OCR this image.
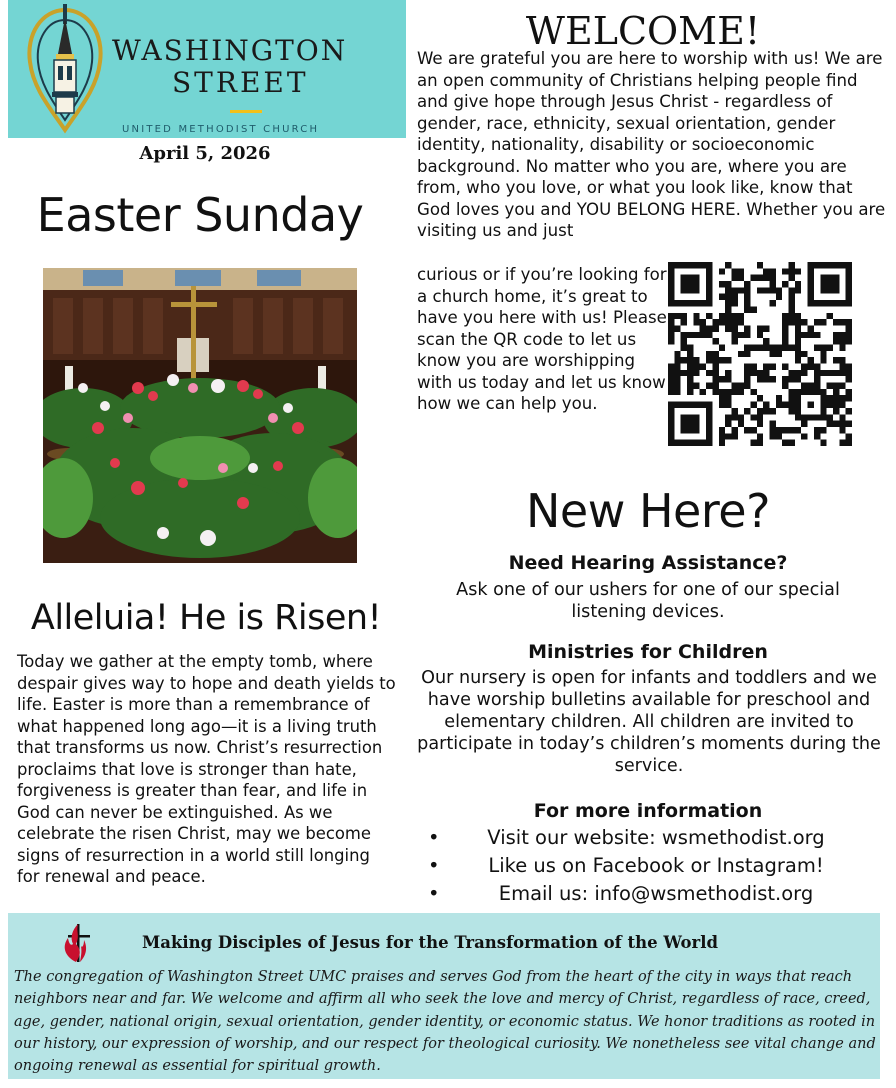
WASHINGTON
STREET
UNITED METHODIST CHURCH
April 5, 2026
Easter Sunday
Alleluia! He is Risen!
Today we gather at the empty tomb, where despair gives way to hope and death yields to life. Easter is more than a remembrance of what happened long ago—it is a living truth that transforms us now. Christ’s resurrection proclaims that love is stronger than hate, forgiveness is greater than fear, and life in God can never be extinguished. As we celebrate the risen Christ, may we become signs of resurrection in a world still longing for renewal and peace.
WELCOME!
We are grateful you are here to worship with us! We are an open community of Christians helping people find and give hope through Jesus Christ - regardless of gender, race, ethnicity, sexual orientation, gender identity, nationality, disability or socioeconomic background. No matter who you are, where you are from, who you love, or what you look like, know that God loves you and YOU BELONG HERE. Whether you are visiting us and just
curious or if you’re looking for a church home, it’s great to have you here with us! Please scan the QR code to let us know you are worshipping with us today and let us know how we can help you.
New Here?
Need Hearing Assistance?
Ask one of our ushers for one of our special listening devices.
Ministries for Children
Our nursery is open for infants and toddlers and we have worship bulletins available for preschool and elementary children. All children are invited to participate in today’s children’s moments during the service.
For more information
• Visit our website: wsmethodist.org
•	Like us on Facebook or Instagram!
•	Email us: info@wsmethodist.org
Making Disciples of Jesus for the Transformation of the World
The congregation of Washington Street UMC praises and serves God from the heart of the city in ways that reach neighbors near and far. We welcome and affirm all who seek the love and mercy of Christ, regardless of race, creed, age, gender, national origin, sexual orientation, gender identity, or economic status. We honor traditions as rooted in our history, our expression of worship, and our respect for theological curiosity. We nonetheless see vital change and ongoing renewal as essential for spiritual growth.
